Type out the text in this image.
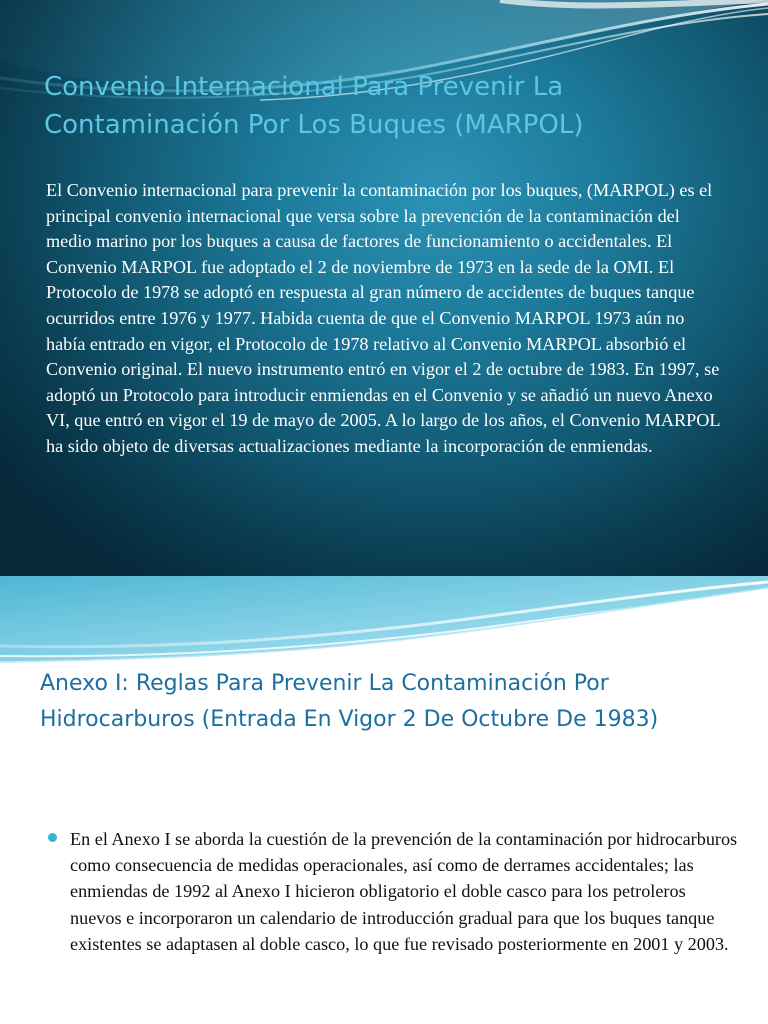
Convenio Internacional Para Prevenir La Contaminación Por Los Buques (MARPOL)

El Convenio internacional para prevenir la contaminación por los buques, (MARPOL) es el principal convenio internacional que versa sobre la prevención de la contaminación del medio marino por los buques a causa de factores de funcionamiento o accidentales. El Convenio MARPOL fue adoptado el 2 de noviembre de 1973 en la sede de la OMI. El Protocolo de 1978 se adoptó en respuesta al gran número de accidentes de buques tanque ocurridos entre 1976 y 1977. Habida cuenta de que el Convenio MARPOL 1973 aún no había entrado en vigor, el Protocolo de 1978 relativo al Convenio MARPOL absorbió el Convenio original. El nuevo instrumento entró en vigor el 2 de octubre de 1983. En 1997, se adoptó un Protocolo para introducir enmiendas en el Convenio y se añadió un nuevo Anexo VI, que entró en vigor el 19 de mayo de 2005. A lo largo de los años, el Convenio MARPOL ha sido objeto de diversas actualizaciones mediante la incorporación de enmiendas.

Anexo I: Reglas Para Prevenir La Contaminación Por Hidrocarburos (Entrada En Vigor 2 De Octubre De 1983)

En el Anexo I se aborda la cuestión de la prevención de la contaminación por hidrocarburos como consecuencia de medidas operacionales, así como de derrames accidentales; las enmiendas de 1992 al Anexo I hicieron obligatorio el doble casco para los petroleros nuevos e incorporaron un calendario de introducción gradual para que los buques tanque existentes se adaptasen al doble casco, lo que fue revisado posteriormente en 2001 y 2003.
